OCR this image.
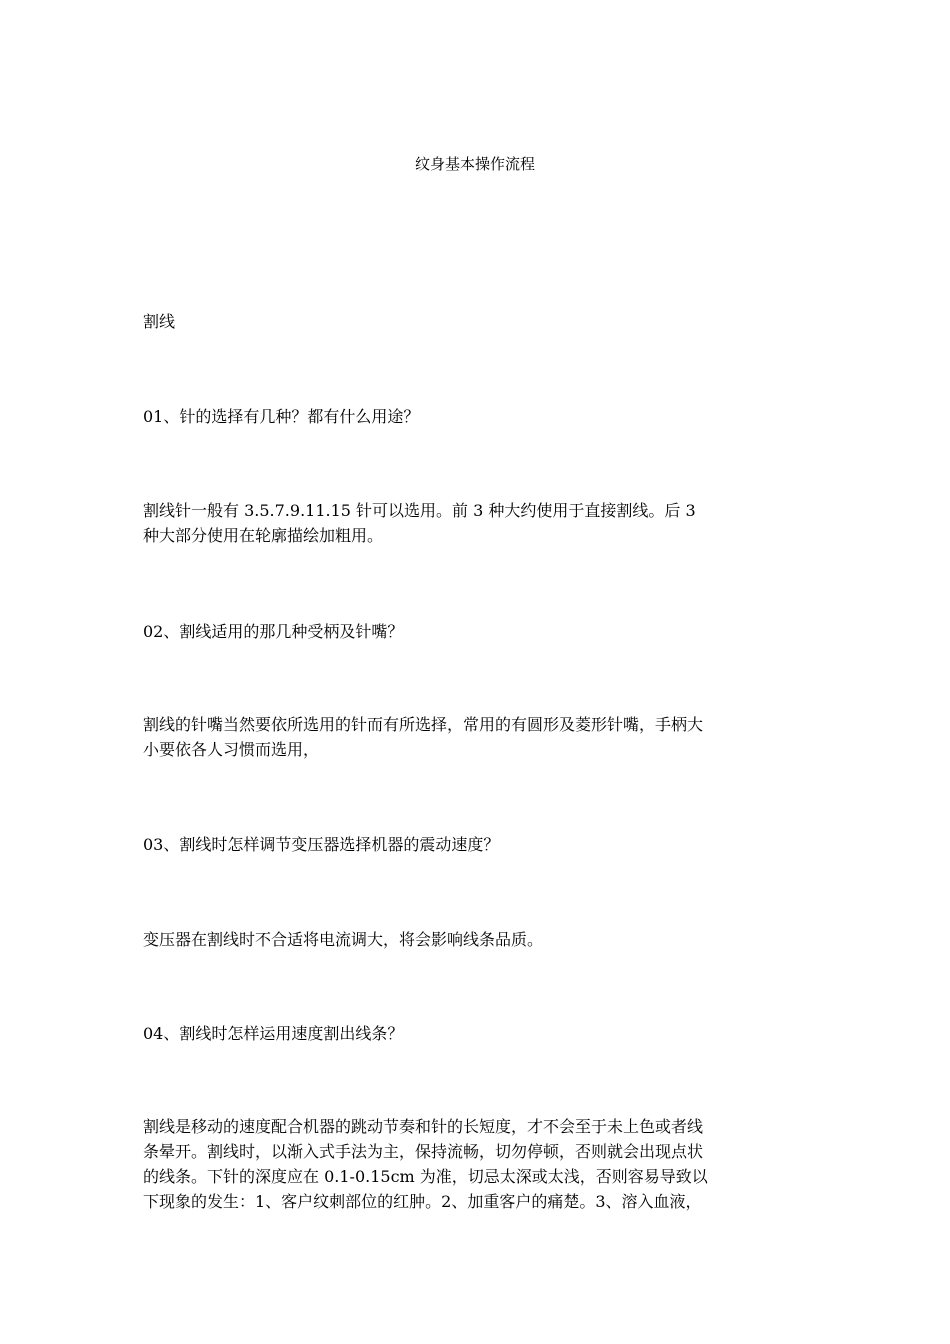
纹身基本操作流程
割线
01、针的选择有几种？都有什么用途？
割线针一般有 3.5.7.9.11.15 针可以选用。前 3 种大约使用于直接割线。后 3
种大部分使用在轮廓描绘加粗用。
02、割线适用的那几种受柄及针嘴？
割线的针嘴当然要依所选用的针而有所选择，常用的有圆形及菱形针嘴，手柄大
小要依各人习惯而选用，
03、割线时怎样调节变压器选择机器的震动速度？
变压器在割线时不合适将电流调大，将会影响线条品质。
04、割线时怎样运用速度割出线条？
割线是移动的速度配合机器的跳动节奏和针的长短度，才不会至于未上色或者线
条晕开。割线时，以渐入式手法为主，保持流畅，切勿停顿，否则就会出现点状
的线条。下针的深度应在 0.1-0.15cm 为准，切忌太深或太浅，否则容易导致以
下现象的发生：1、客户纹刺部位的红肿。2、加重客户的痛楚。3、溶入血液，
